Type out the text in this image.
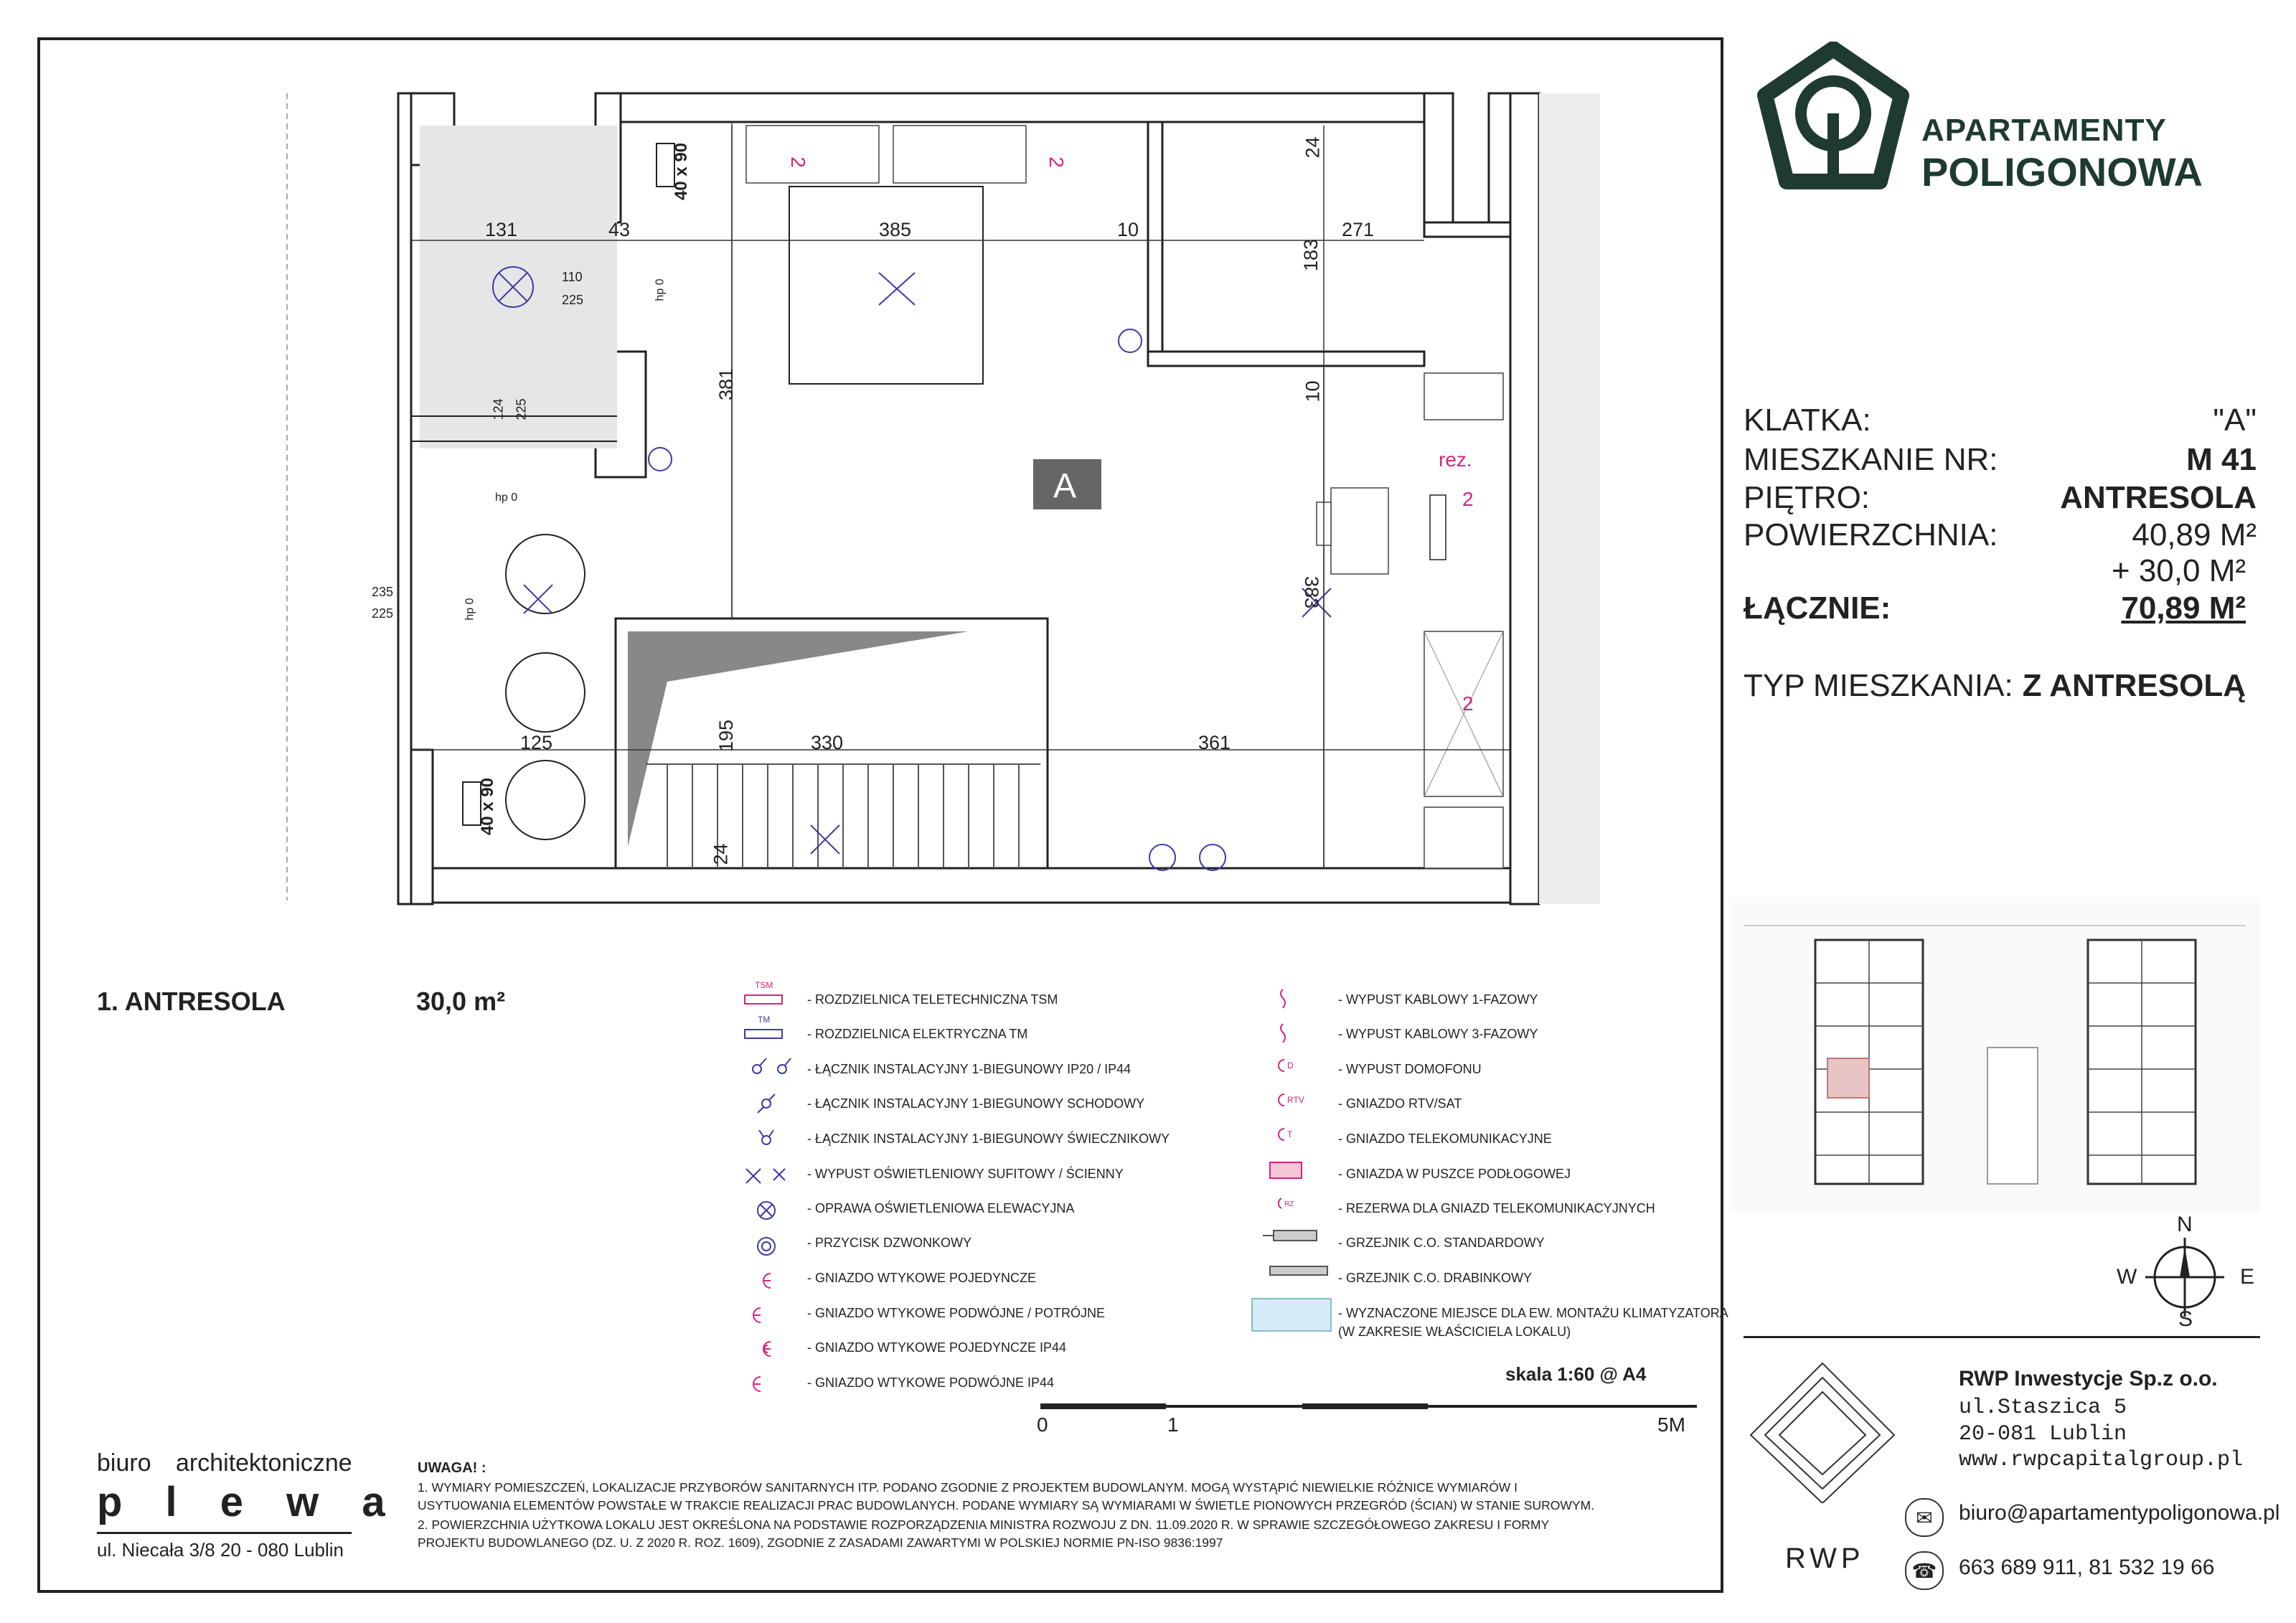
131	43	385	10	271
110
225
381
24
183
10
124 225
235
225
383
125	330	361
195
24
hp 0
hp 0
hp 0
40 x 90
40 x 90
rez.
A
2	2
2
2
APARTAMENTY
POLIGONOWA
KLATKA:	"A"
MIESZKANIE NR:	M 41
PIĘTRO:	ANTRESOLA
POWIERZCHNIA:	40,89 M²
+ 30,0 M²
ŁĄCZNIE:	70,89 M²
TYP MIESZKANIA: Z ANTRESOLĄ
N
S
E
W
1. ANTRESOLA	30,0 m²	- ROZDZIELNICA TELETECHNICZNA TSM
- ROZDZIELNICA ELEKTRYCZNA TM
- ŁĄCZNIK INSTALACYJNY 1-BIEGUNOWY IP20 / IP44
- ŁĄCZNIK INSTALACYJNY 1-BIEGUNOWY SCHODOWY
- ŁĄCZNIK INSTALACYJNY 1-BIEGUNOWY ŚWIECZNIKOWY
- WYPUST OŚWIETLENIOWY SUFITOWY / ŚCIENNY
- OPRAWA OŚWIETLENIOWA ELEWACYJNA
- PRZYCISK DZWONKOWY
- GNIAZDO WTYKOWE POJEDYNCZE
- GNIAZDO WTYKOWE PODWÓJNE / POTRÓJNE
- GNIAZDO WTYKOWE POJEDYNCZE IP44
- GNIAZDO WTYKOWE PODWÓJNE IP44
TSM
TM
- WYPUST KABLOWY 1-FAZOWY
- WYPUST KABLOWY 3-FAZOWY
- WYPUST DOMOFONU
- GNIAZDO RTV/SAT
- GNIAZDO TELEKOMUNIKACYJNE
- GNIAZDA W PUSZCE PODŁOGOWEJ
- REZERWA DLA GNIAZD TELEKOMUNIKACYJNYCH
- GRZEJNIK C.O. STANDARDOWY
- GRZEJNIK C.O. DRABINKOWY
- WYZNACZONE MIEJSCE DLA EW. MONTAŻU KLIMATYZATORA
(W ZAKRESIE WŁAŚCICIELA LOKALU)
D
RTV
T
RZ
skala 1:60 @ A4
0	1	5M
biuro architektoniczne
p l e w a
ul. Niecała 3/8 20 - 080 Lublin
UWAGA! :
1. WYMIARY POMIESZCZEŃ, LOKALIZACJE PRZYBORÓW SANITARNYCH ITP. PODANO ZGODNIE Z PROJEKTEM BUDOWLANYM. MOGĄ WYSTĄPIĆ NIEWIELKIE RÓŻNICE WYMIARÓW I
USYTUOWANIA ELEMENTÓW POWSTAŁE W TRAKCIE REALIZACJI PRAC BUDOWLANYCH. PODANE WYMIARY SĄ WYMIARAMI W ŚWIETLE PIONOWYCH PRZEGRÓD (ŚCIAN) W STANIE SUROWYM.
2. POWIERZCHNIA UŻYTKOWA LOKALU JEST OKREŚLONA NA PODSTAWIE ROZPORZĄDZENIA MINISTRA ROZWOJU Z DN. 11.09.2020 R. W SPRAWIE SZCZEGÓŁOWEGO ZAKRESU I FORMY
PROJEKTU BUDOWLANEGO (DZ. U. Z 2020 R. ROZ. 1609), ZGODNIE Z ZASADAMI ZAWARTYMI W POLSKIEJ NORMIE PN-ISO 9836:1997	RWP
RWP Inwestycje Sp.z o.o.
ul.Staszica 5
20-081 Lublin
www.rwpcapitalgroup.pl
✉	biuro@apartamentypoligonowa.pl
☎	663 689 911, 81 532 19 66
